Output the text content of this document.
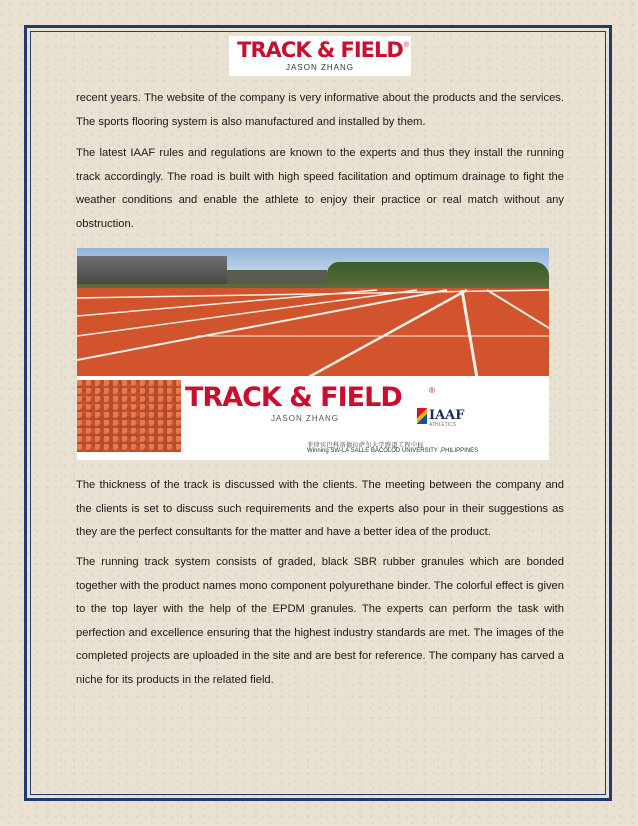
TRACK & FIELD ®
JASON ZHANG

recent years. The website of the company is very informative about the products and the services. The sports flooring system is also manufactured and installed by them.

The latest IAAF rules and regulations are known to the experts and thus they install the running track accordingly. The road is built with high speed facilitation and optimum drainage to fight the weather conditions and enable the athlete to enjoy their practice or real match without any obstruction.

TRACK & FIELD	®
JASON ZHANG	IAAF
ATHLETICS
菲律宾巴科洛德拉萨尔大学跑道工程中标
Winning SW-LA SALLE BACOLOD UNIVERSITY ,PHILIPPINES

The thickness of the track is discussed with the clients. The meeting between the company and the clients is set to discuss such requirements and the experts also pour in their suggestions as they are the perfect consultants for the matter and have a better idea of the product.

The running track system consists of graded, black SBR rubber granules which are bonded together with the product names mono component polyurethane binder. The colorful effect is given to the top layer with the help of the EPDM granules. The experts can perform the task with perfection and excellence ensuring that the highest industry standards are met. The images of the completed projects are uploaded in the site and are best for reference. The company has carved a niche for its products in the related field.
